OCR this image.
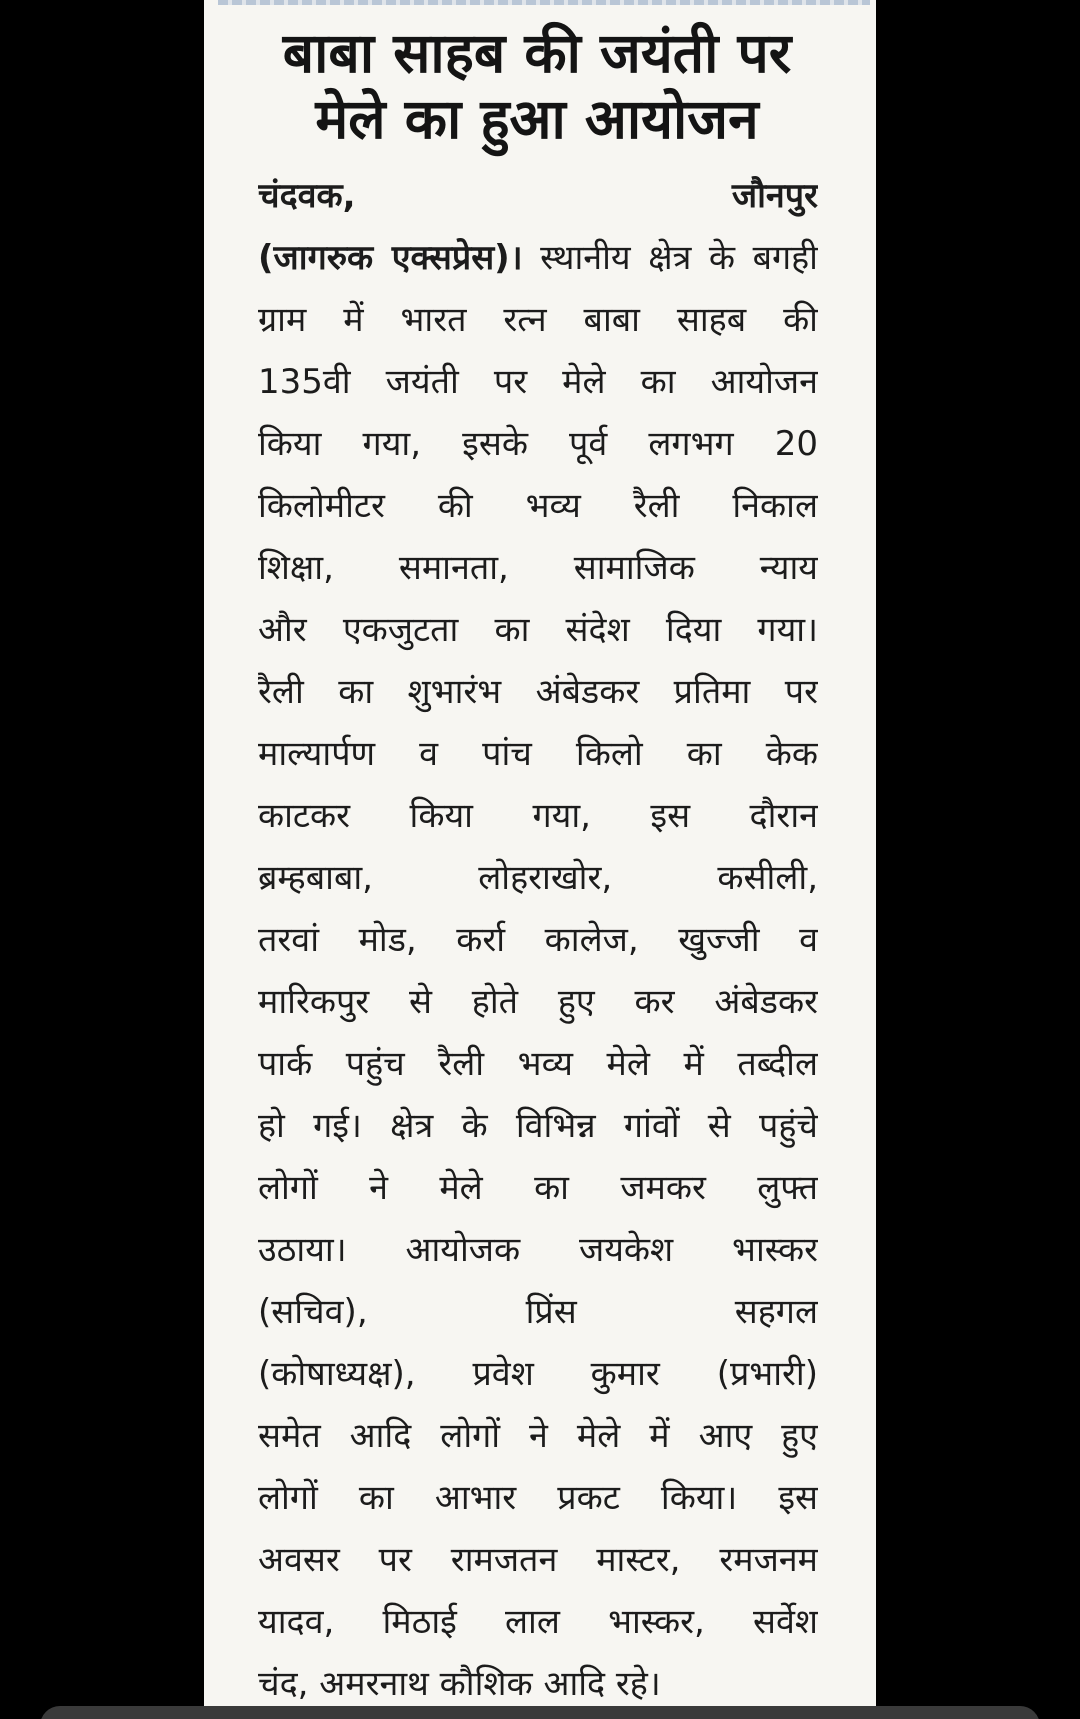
बाबा साहब की जयंती पर
मेले का हुआ आयोजन
चंदवक, जौनपुर
(जागरुक एक्सप्रेस)। स्थानीय क्षेत्र के बगही
ग्राम में भारत रत्न बाबा साहब की
135वी जयंती पर मेले का आयोजन
किया गया, इसके पूर्व लगभग 20
किलोमीटर की भव्य रैली निकाल
शिक्षा, समानता, सामाजिक न्याय
और एकजुटता का संदेश दिया गया।
रैली का शुभारंभ अंबेडकर प्रतिमा पर
माल्यार्पण व पांच किलो का केक
काटकर किया गया, इस दौरान
ब्रम्हबाबा, लोहराखोर, कसीली,
तरवां मोड, कर्रा कालेज, खुज्जी व
मारिकपुर से होते हुए कर अंबेडकर
पार्क पहुंच रैली भव्य मेले में तब्दील
हो गई। क्षेत्र के विभिन्न गांवों से पहुंचे
लोगों ने मेले का जमकर लुफ्त
उठाया। आयोजक जयकेश भास्कर
(सचिव), प्रिंस सहगल
(कोषाध्यक्ष), प्रवेश कुमार (प्रभारी)
समेत आदि लोगों ने मेले में आए हुए
लोगों का आभार प्रकट किया। इस
अवसर पर रामजतन मास्टर, रमजनम
यादव, मिठाई लाल भास्कर, सर्वेश
चंद, अमरनाथ कौशिक आदि रहे।
